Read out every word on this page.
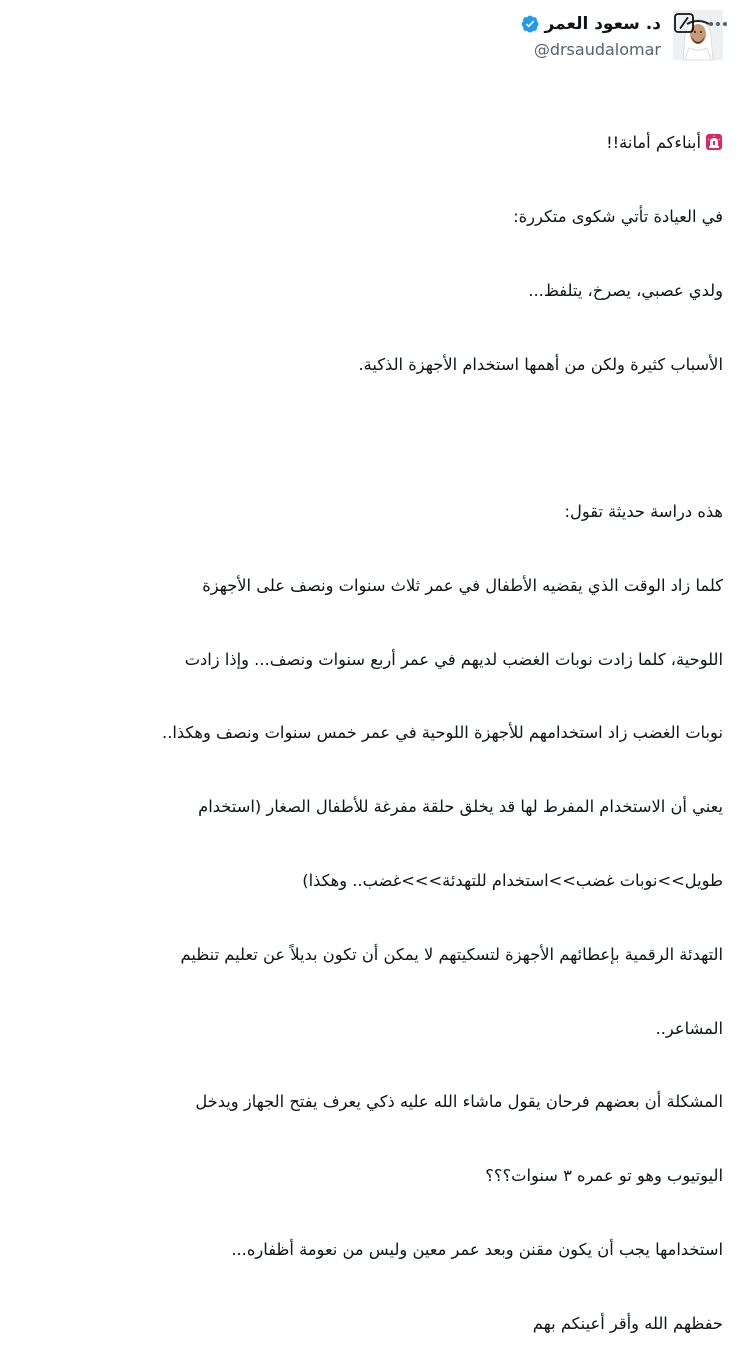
د. سعود العمر
@drsaudalomar

أبناءكم أمانة!!

في العيادة تأتي شكوى متكررة:

ولدي عصبي، يصرخ، يتلفظ...

الأسباب كثيرة ولكن من أهمها استخدام الأجهزة الذكية.

هذه دراسة حديثة تقول:

كلما زاد الوقت الذي يقضيه الأطفال في عمر ثلاث سنوات ونصف على الأجهزة

اللوحية، كلما زادت نوبات الغضب لديهم في عمر أربع سنوات ونصف... وإذا زادت

نوبات الغضب زاد استخدامهم للأجهزة اللوحية في عمر خمس سنوات ونصف وهكذا..

يعني أن الاستخدام المفرط لها قد يخلق حلقة مفرغة للأطفال الصغار (استخدام

طويل>>نوبات غضب>>استخدام للتهدئة>>>غضب.. وهكذا)

التهدئة الرقمية بإعطائهم الأجهزة لتسكيتهم لا يمكن أن تكون بديلاً عن تعليم تنظيم

المشاعر..

المشكلة أن بعضهم فرحان يقول ماشاء الله عليه ذكي يعرف يفتح الجهاز ويدخل

اليوتيوب وهو تو عمره ٣ سنوات؟؟؟

استخدامها يجب أن يكون مقنن وبعد عمر معين وليس من نعومة أظفاره...

حفظهم الله وأقر أعينكم بهم
